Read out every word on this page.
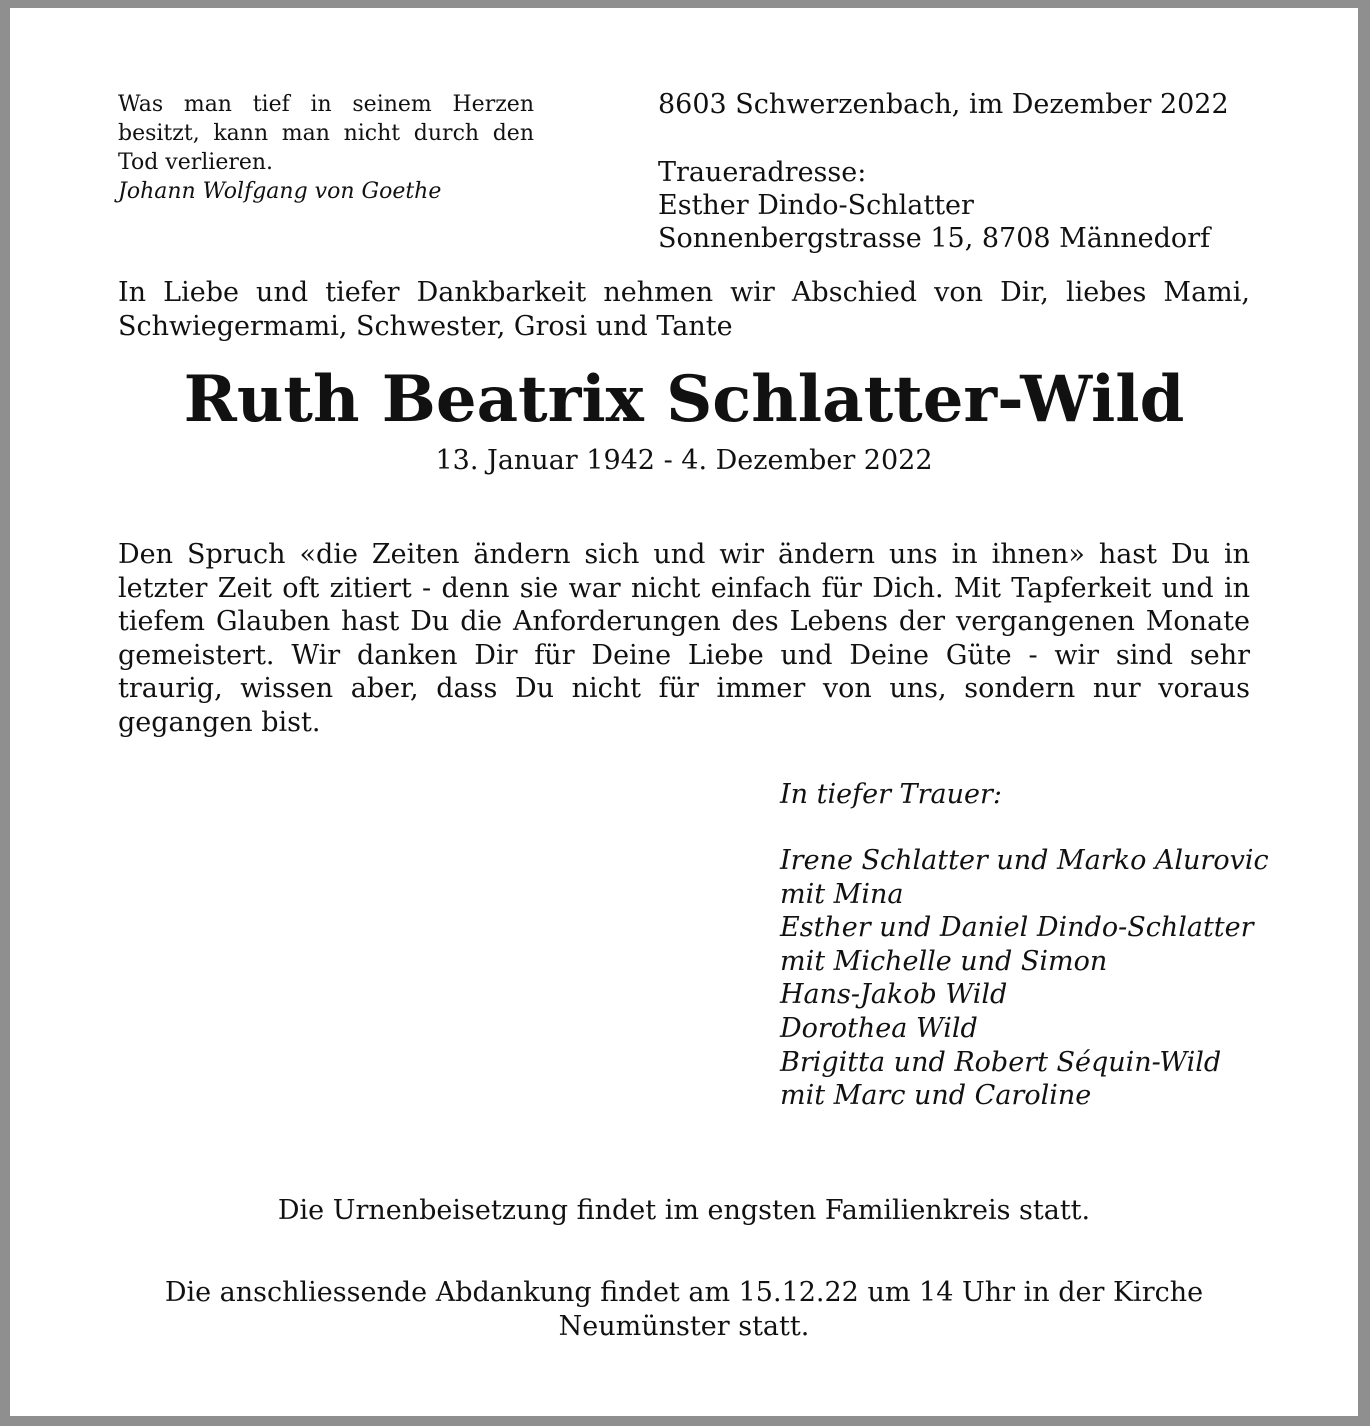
Was man tief in seinem Herzen besitzt, kann man nicht durch den Tod verlieren.
Johann Wolfgang von Goethe
8603 Schwerzenbach, im Dezember 2022
Traueradresse:
Esther Dindo-Schlatter
Sonnenbergstrasse 15, 8708 Männedorf

In Liebe und tiefer Dankbarkeit nehmen wir Abschied von Dir, liebes Mami, Schwiegermami, Schwester, Grosi und Tante

Ruth Beatrix Schlatter-Wild
13. Januar 1942 - 4. Dezember 2022

Den Spruch «die Zeiten ändern sich und wir ändern uns in ihnen» hast Du in letzter Zeit oft zitiert - denn sie war nicht einfach für Dich. Mit Tapferkeit und in tiefem Glauben hast Du die Anforderungen des Lebens der vergangenen Monate gemeistert. Wir danken Dir für Deine Liebe und Deine Güte - wir sind sehr traurig, wissen aber, dass Du nicht für immer von uns, sondern nur voraus gegangen bist.

In tiefer Trauer:
Irene Schlatter und Marko Alurovic
mit Mina
Esther und Daniel Dindo-Schlatter
mit Michelle und Simon
Hans-Jakob Wild
Dorothea Wild
Brigitta und Robert Séquin-Wild
mit Marc und Caroline

Die Urnenbeisetzung findet im engsten Familienkreis statt.

Die anschliessende Abdankung findet am 15.12.22 um 14 Uhr in der Kirche Neumünster statt.
